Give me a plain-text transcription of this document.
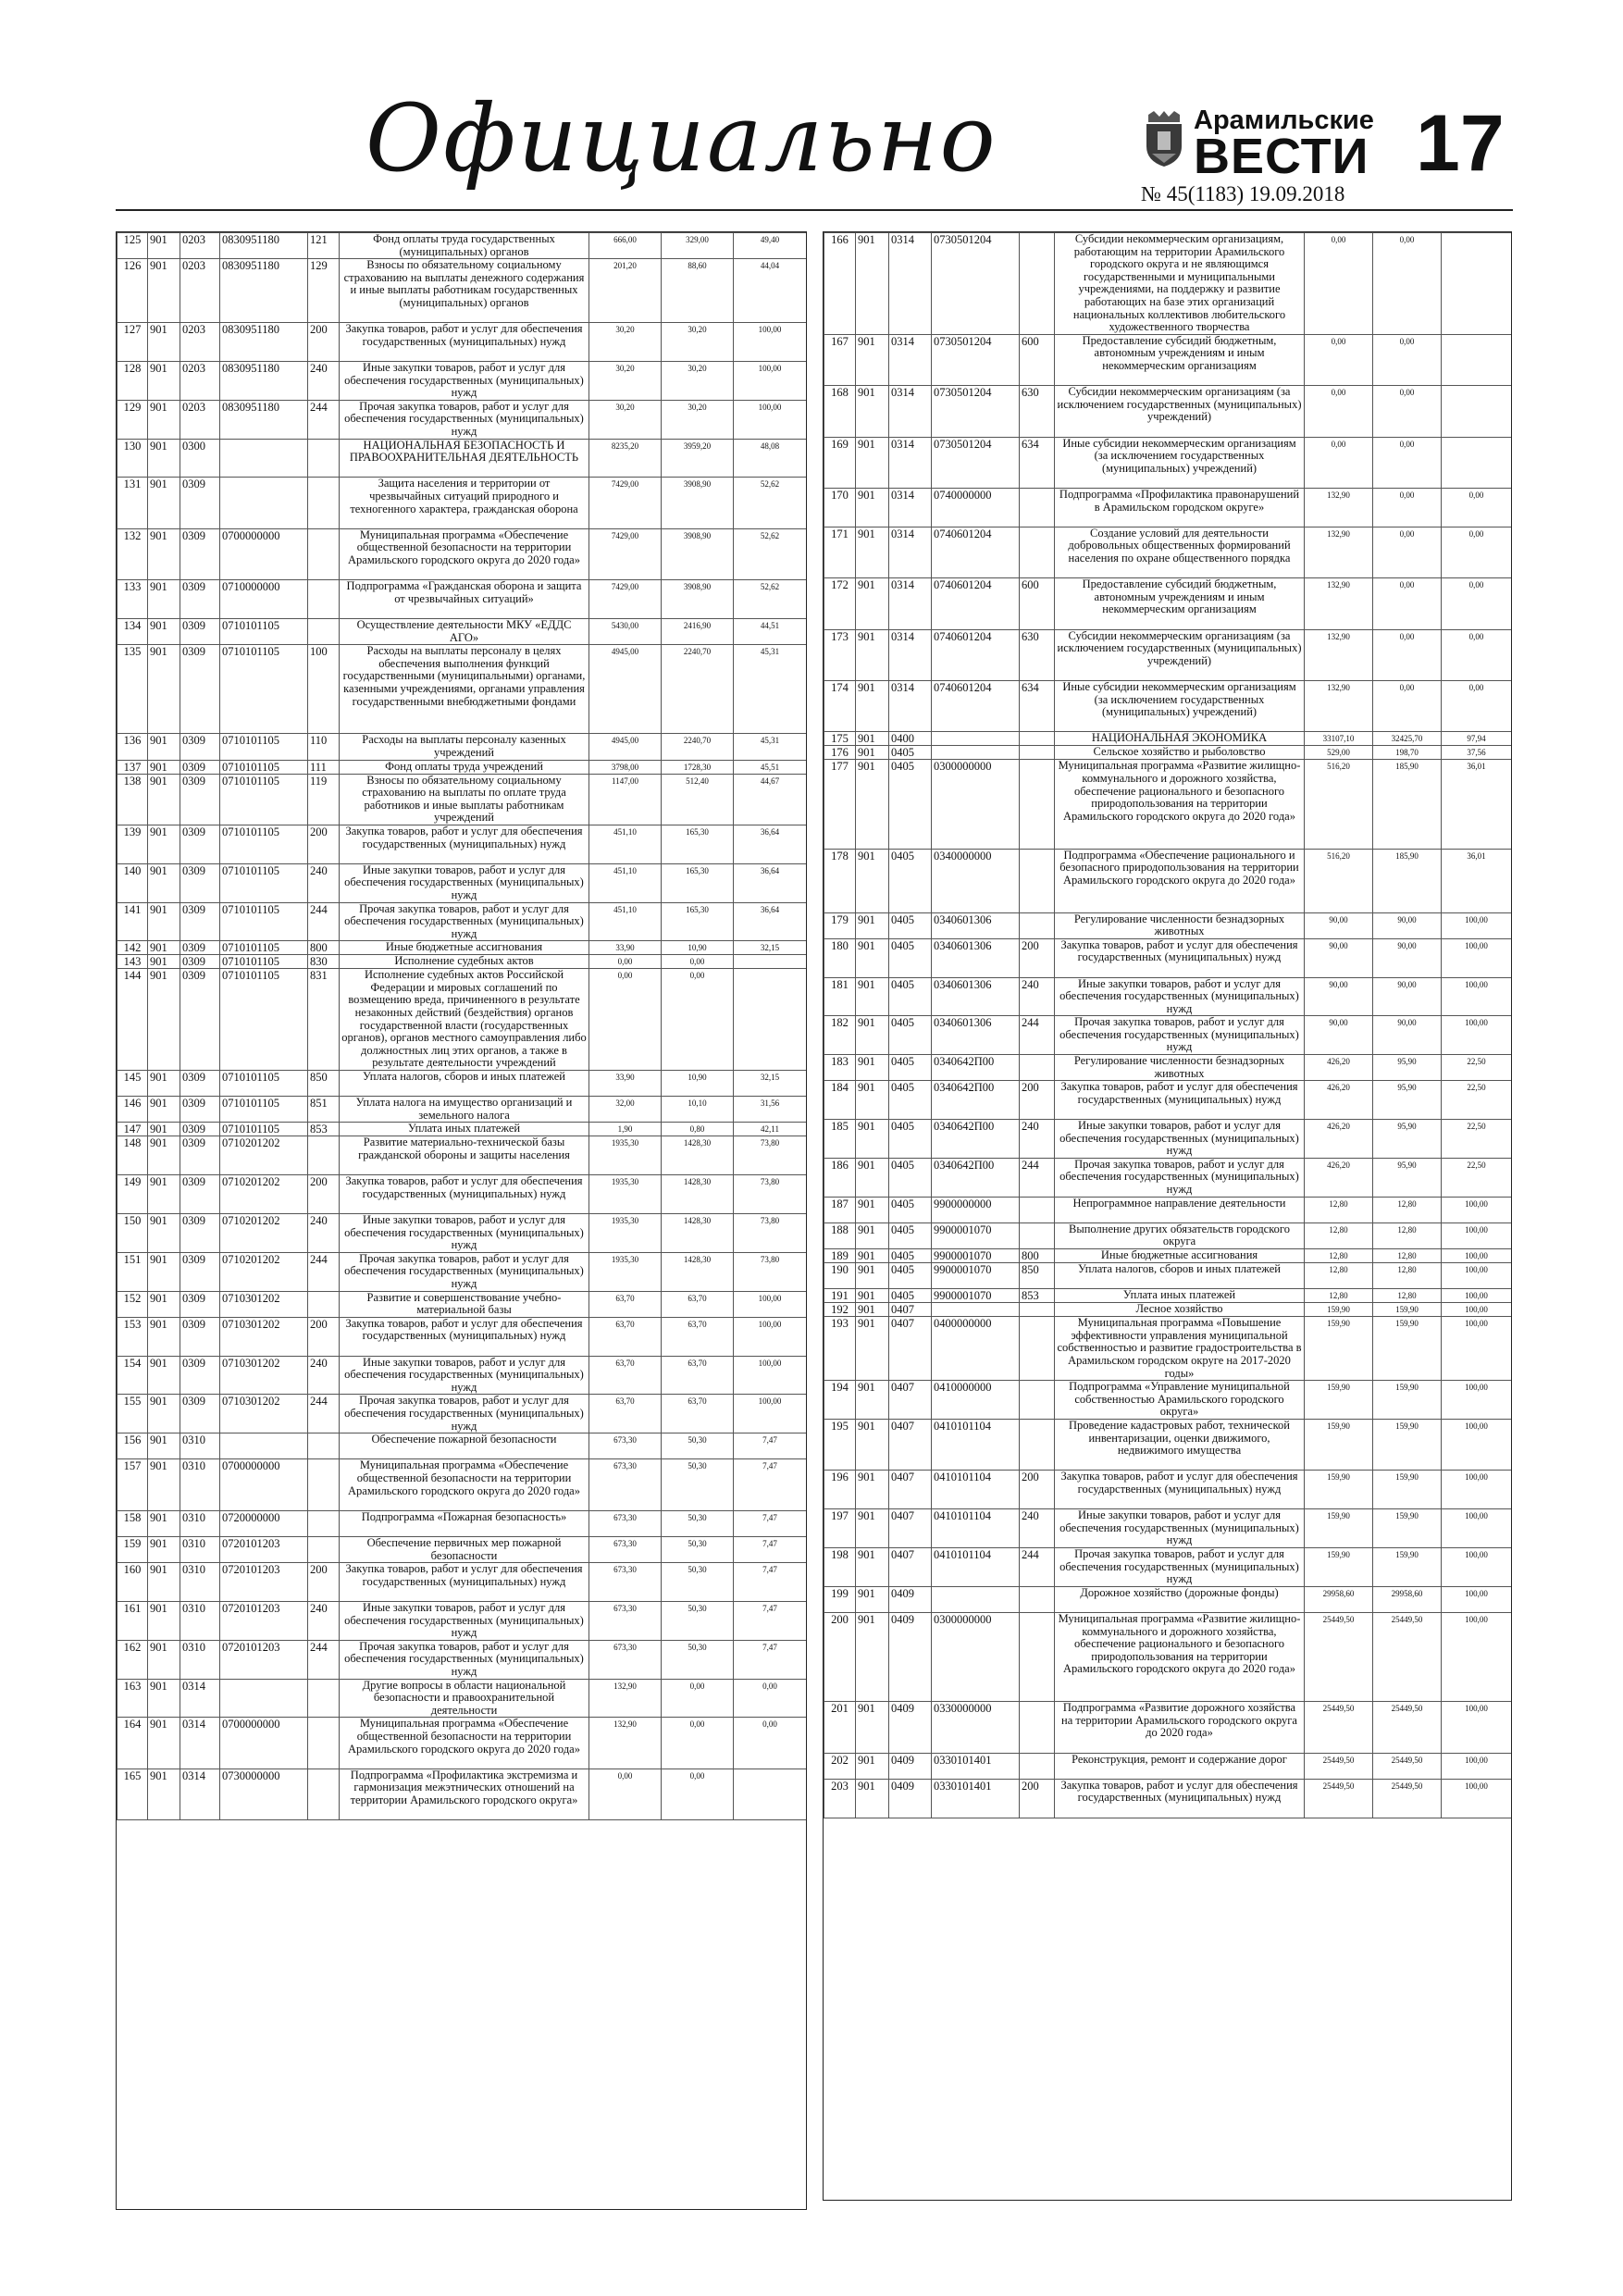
Официально	Арамильские
ВЕСТИ 17
№ 45(1183) 19.09.2018
125	901	0203	0830951180	121	Фонд оплаты труда государственных (муниципальных) органов	666,00	329,00	49,40
126	901	0203	0830951180	129	Взносы по обязательному социальному страхованию на выплаты денежного содержания и иные выплаты работникам государственных (муниципальных) органов	201,20	88,60	44,04
127	901	0203	0830951180	200	Закупка товаров, работ и услуг для обеспечения государственных (муниципальных) нужд	30,20	30,20	100,00
128	901	0203	0830951180	240	Иные закупки товаров, работ и услуг для обеспечения государственных (муниципальных) нужд	30,20	30,20	100,00
129	901	0203	0830951180	244	Прочая закупка товаров, работ и услуг для обеспечения государственных (муниципальных) нужд	30,20	30,20	100,00
130	901	0300			НАЦИОНАЛЬНАЯ БЕЗОПАСНОСТЬ И ПРАВООХРАНИТЕЛЬНАЯ ДЕЯТЕЛЬНОСТЬ	8235,20	3959,20	48,08
131	901	0309			Защита населения и территории от чрезвычайных ситуаций природного и техногенного характера, гражданская оборона	7429,00	3908,90	52,62
132	901	0309	0700000000		Муниципальная программа «Обеспечение общественной безопасности на территории Арамильского городского округа до 2020 года»	7429,00	3908,90	52,62
133	901	0309	0710000000		Подпрограмма «Гражданская оборона и защита от чрезвычайных ситуаций»	7429,00	3908,90	52,62
134	901	0309	0710101105		Осуществление деятельности МКУ «ЕДДС АГО»	5430,00	2416,90	44,51
135	901	0309	0710101105	100	Расходы на выплаты персоналу в целях обеспечения выполнения функций государственными (муниципальными) органами, казенными учреждениями, органами управления государственными внебюджетными фондами	4945,00	2240,70	45,31
136	901	0309	0710101105	110	Расходы на выплаты персоналу казенных учреждений	4945,00	2240,70	45,31
137	901	0309	0710101105	111	Фонд оплаты труда учреждений	3798,00	1728,30	45,51
138	901	0309	0710101105	119	Взносы по обязательному социальному страхованию на выплаты по оплате труда работников и иные выплаты работникам учреждений	1147,00	512,40	44,67
139	901	0309	0710101105	200	Закупка товаров, работ и услуг для обеспечения государственных (муниципальных) нужд	451,10	165,30	36,64
140	901	0309	0710101105	240	Иные закупки товаров, работ и услуг для обеспечения государственных (муниципальных) нужд	451,10	165,30	36,64
141	901	0309	0710101105	244	Прочая закупка товаров, работ и услуг для обеспечения государственных (муниципальных) нужд	451,10	165,30	36,64
142	901	0309	0710101105	800	Иные бюджетные ассигнования	33,90	10,90	32,15
143	901	0309	0710101105	830	Исполнение судебных актов	0,00	0,00	
144	901	0309	0710101105	831	Исполнение судебных актов Российской Федерации и мировых соглашений по возмещению вреда, причиненного в результате незаконных действий (бездействия) органов государственной власти (государственных органов), органов местного самоуправления либо должностных лиц этих органов, а также в результате деятельности учреждений	0,00	0,00	
145	901	0309	0710101105	850	Уплата налогов, сборов и иных платежей	33,90	10,90	32,15
146	901	0309	0710101105	851	Уплата налога на имущество организаций и земельного налога	32,00	10,10	31,56
147	901	0309	0710101105	853	Уплата иных платежей	1,90	0,80	42,11
148	901	0309	0710201202		Развитие материально-технической базы гражданской обороны и защиты населения	1935,30	1428,30	73,80
149	901	0309	0710201202	200	Закупка товаров, работ и услуг для обеспечения государственных (муниципальных) нужд	1935,30	1428,30	73,80
150	901	0309	0710201202	240	Иные закупки товаров, работ и услуг для обеспечения государственных (муниципальных) нужд	1935,30	1428,30	73,80
151	901	0309	0710201202	244	Прочая закупка товаров, работ и услуг для обеспечения государственных (муниципальных) нужд	1935,30	1428,30	73,80
152	901	0309	0710301202		Развитие и совершенствование учебно-материальной базы	63,70	63,70	100,00
153	901	0309	0710301202	200	Закупка товаров, работ и услуг для обеспечения государственных (муниципальных) нужд	63,70	63,70	100,00
154	901	0309	0710301202	240	Иные закупки товаров, работ и услуг для обеспечения государственных (муниципальных) нужд	63,70	63,70	100,00
155	901	0309	0710301202	244	Прочая закупка товаров, работ и услуг для обеспечения государственных (муниципальных) нужд	63,70	63,70	100,00
156	901	0310			Обеспечение пожарной безопасности	673,30	50,30	7,47
157	901	0310	0700000000		Муниципальная программа «Обеспечение общественной безопасности на территории Арамильского городского округа до 2020 года»	673,30	50,30	7,47
158	901	0310	0720000000		Подпрограмма «Пожарная безопасность»	673,30	50,30	7,47
159	901	0310	0720101203		Обеспечение первичных мер пожарной безопасности	673,30	50,30	7,47
160	901	0310	0720101203	200	Закупка товаров, работ и услуг для обеспечения государственных (муниципальных) нужд	673,30	50,30	7,47
161	901	0310	0720101203	240	Иные закупки товаров, работ и услуг для обеспечения государственных (муниципальных) нужд	673,30	50,30	7,47
162	901	0310	0720101203	244	Прочая закупка товаров, работ и услуг для обеспечения государственных (муниципальных) нужд	673,30	50,30	7,47
163	901	0314			Другие вопросы в области национальной безопасности и правоохранительной деятельности	132,90	0,00	0,00
164	901	0314	0700000000		Муниципальная программа «Обеспечение общественной безопасности на территории Арамильского городского округа до 2020 года»	132,90	0,00	0,00
165	901	0314	0730000000		Подпрограмма «Профилактика экстремизма и гармонизация межэтнических отношений на территории Арамильского городского округа»	0,00	0,00	
166	901	0314	0730501204		Субсидии некоммерческим организациям, работающим на территории Арамильского городского округа и не являющимся государственными и муниципальными учреждениями, на поддержку и развитие работающих на базе этих организаций национальных коллективов любительского художественного творчества	0,00	0,00	
167	901	0314	0730501204	600	Предоставление субсидий бюджетным, автономным учреждениям и иным некоммерческим организациям	0,00	0,00	
168	901	0314	0730501204	630	Субсидии некоммерческим организациям (за исключением государственных (муниципальных) учреждений)	0,00	0,00	
169	901	0314	0730501204	634	Иные субсидии некоммерческим организациям (за исключением государственных (муниципальных) учреждений)	0,00	0,00	
170	901	0314	0740000000		Подпрограмма «Профилактика правонарушений в Арамильском городском округе»	132,90	0,00	0,00
171	901	0314	0740601204		Создание условий для деятельности добровольных общественных формирований населения по охране общественного порядка	132,90	0,00	0,00
172	901	0314	0740601204	600	Предоставление субсидий бюджетным, автономным учреждениям и иным некоммерческим организациям	132,90	0,00	0,00
173	901	0314	0740601204	630	Субсидии некоммерческим организациям (за исключением государственных (муниципальных) учреждений)	132,90	0,00	0,00
174	901	0314	0740601204	634	Иные субсидии некоммерческим организациям (за исключением государственных (муниципальных) учреждений)	132,90	0,00	0,00
175	901	0400			НАЦИОНАЛЬНАЯ ЭКОНОМИКА	33107,10	32425,70	97,94
176	901	0405			Сельское хозяйство и рыболовство	529,00	198,70	37,56
177	901	0405	0300000000		Муниципальная программа «Развитие жилищно-коммунального и дорожного хозяйства, обеспечение рационального и безопасного природопользования на территории Арамильского городского округа до 2020 года»	516,20	185,90	36,01
178	901	0405	0340000000		Подпрограмма «Обеспечение рационального и безопасного природопользования на территории Арамильского городского округа до 2020 года»	516,20	185,90	36,01
179	901	0405	0340601306		Регулирование численности безнадзорных животных	90,00	90,00	100,00
180	901	0405	0340601306	200	Закупка товаров, работ и услуг для обеспечения государственных (муниципальных) нужд	90,00	90,00	100,00
181	901	0405	0340601306	240	Иные закупки товаров, работ и услуг для обеспечения государственных (муниципальных) нужд	90,00	90,00	100,00
182	901	0405	0340601306	244	Прочая закупка товаров, работ и услуг для обеспечения государственных (муниципальных) нужд	90,00	90,00	100,00
183	901	0405	0340642П00		Регулирование численности безнадзорных животных	426,20	95,90	22,50
184	901	0405	0340642П00	200	Закупка товаров, работ и услуг для обеспечения государственных (муниципальных) нужд	426,20	95,90	22,50
185	901	0405	0340642П00	240	Иные закупки товаров, работ и услуг для обеспечения государственных (муниципальных) нужд	426,20	95,90	22,50
186	901	0405	0340642П00	244	Прочая закупка товаров, работ и услуг для обеспечения государственных (муниципальных) нужд	426,20	95,90	22,50
187	901	0405	9900000000		Непрограммное направление деятельности	12,80	12,80	100,00
188	901	0405	9900001070		Выполнение других обязательств городского округа	12,80	12,80	100,00
189	901	0405	9900001070	800	Иные бюджетные ассигнования	12,80	12,80	100,00
190	901	0405	9900001070	850	Уплата налогов, сборов и иных платежей	12,80	12,80	100,00
191	901	0405	9900001070	853	Уплата иных платежей	12,80	12,80	100,00
192	901	0407			Лесное хозяйство	159,90	159,90	100,00
193	901	0407	0400000000		Муниципальная программа «Повышение эффективности управления муниципальной собственностью и развитие градостроительства в Арамильском городском округе на 2017-2020 годы»	159,90	159,90	100,00
194	901	0407	0410000000		Подпрограмма «Управление муниципальной собственностью Арамильского городского округа»	159,90	159,90	100,00
195	901	0407	0410101104		Проведение кадастровых работ, технической инвентаризации, оценки движимого, недвижимого имущества	159,90	159,90	100,00
196	901	0407	0410101104	200	Закупка товаров, работ и услуг для обеспечения государственных (муниципальных) нужд	159,90	159,90	100,00
197	901	0407	0410101104	240	Иные закупки товаров, работ и услуг для обеспечения государственных (муниципальных) нужд	159,90	159,90	100,00
198	901	0407	0410101104	244	Прочая закупка товаров, работ и услуг для обеспечения государственных (муниципальных) нужд	159,90	159,90	100,00
199	901	0409			Дорожное хозяйство (дорожные фонды)	29958,60	29958,60	100,00
200	901	0409	0300000000		Муниципальная программа «Развитие жилищно-коммунального и дорожного хозяйства, обеспечение рационального и безопасного природопользования на территории Арамильского городского округа до 2020 года»	25449,50	25449,50	100,00
201	901	0409	0330000000		Подпрограмма «Развитие дорожного хозяйства на территории Арамильского городского округа до 2020 года»	25449,50	25449,50	100,00
202	901	0409	0330101401		Реконструкция, ремонт и содержание дорог	25449,50	25449,50	100,00
203	901	0409	0330101401	200	Закупка товаров, работ и услуг для обеспечения государственных (муниципальных) нужд	25449,50	25449,50	100,00
